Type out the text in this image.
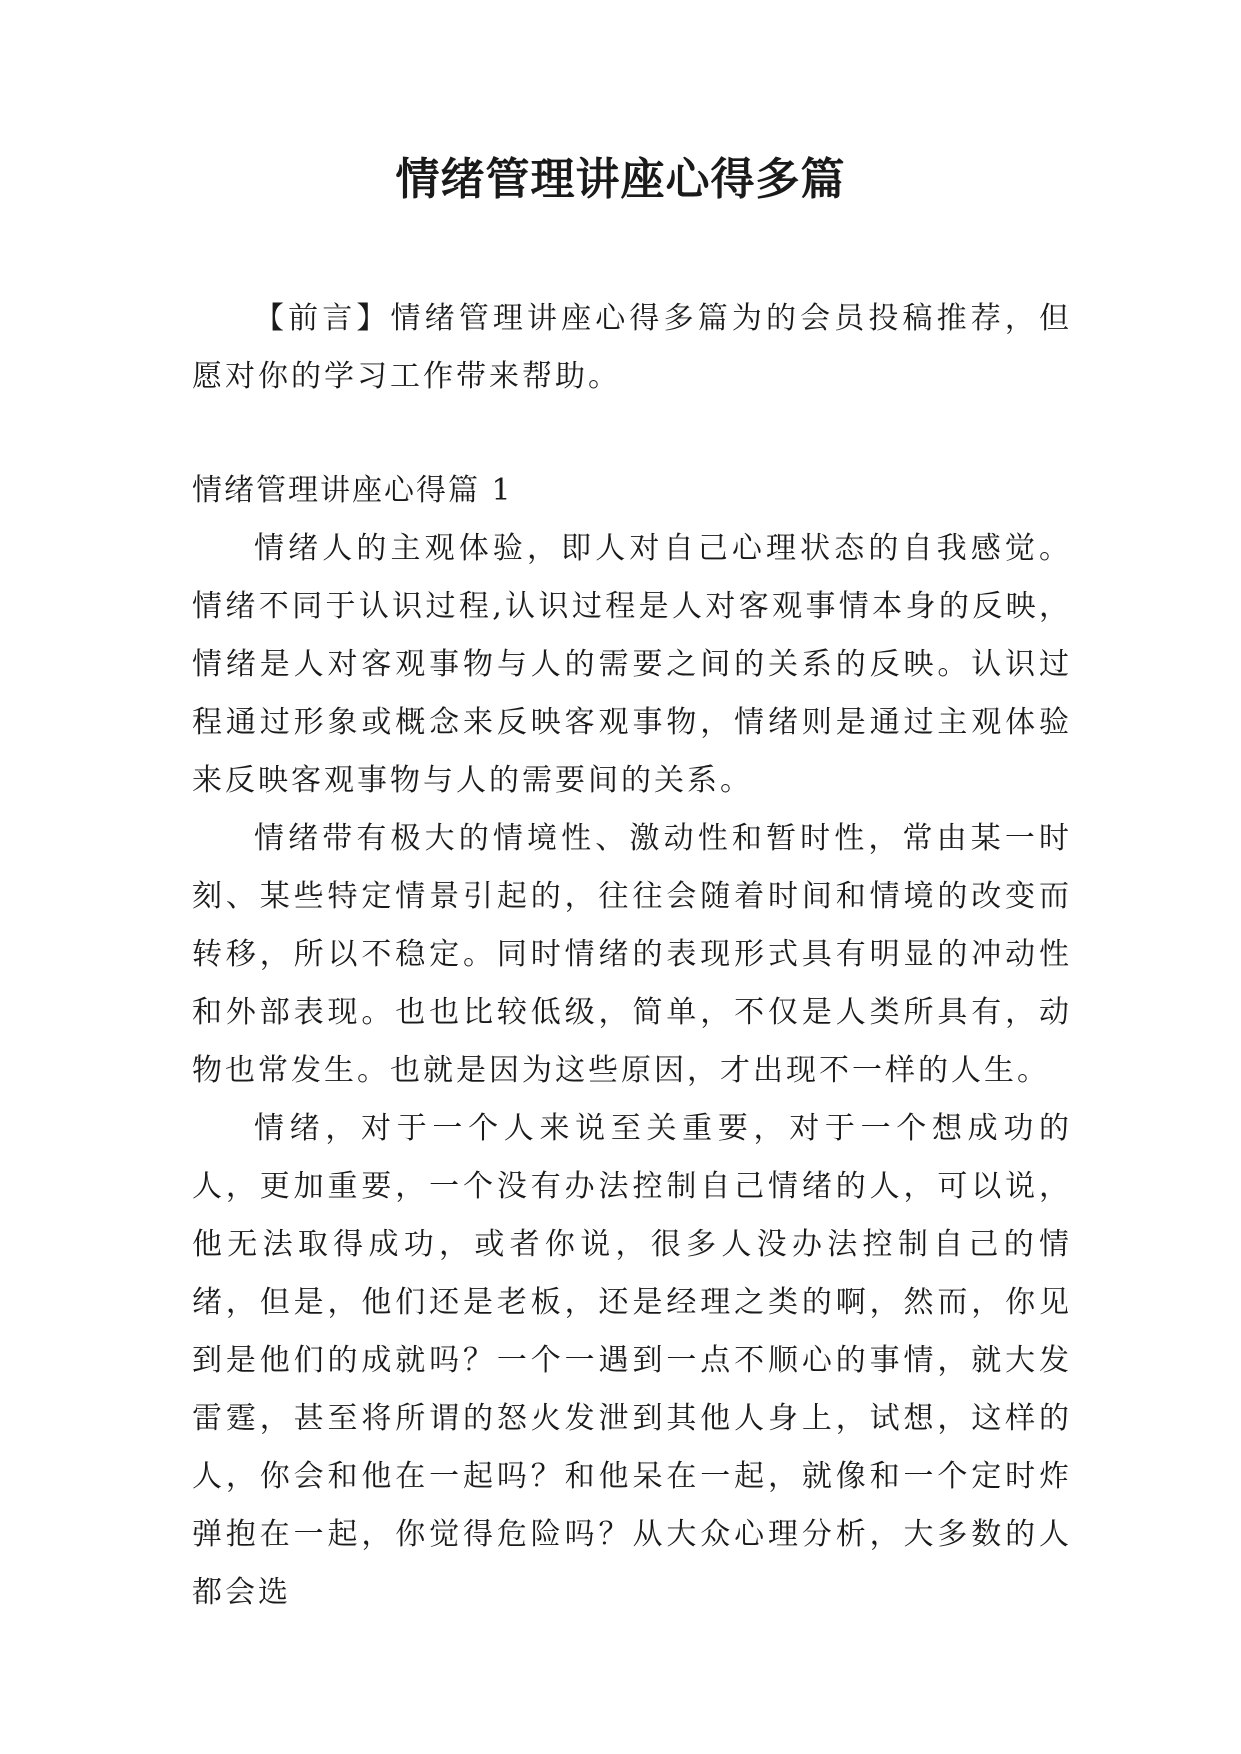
情绪管理讲座心得多篇

【前言】情绪管理讲座心得多篇为的会员投稿推荐，但愿对你的学习工作带来帮助。

情绪管理讲座心得篇 1

情绪人的主观体验，即人对自己心理状态的自我感觉。情绪不同于认识过程,认识过程是人对客观事情本身的反映，情绪是人对客观事物与人的需要之间的关系的反映。认识过程通过形象或概念来反映客观事物，情绪则是通过主观体验来反映客观事物与人的需要间的关系。

情绪带有极大的情境性、激动性和暂时性，常由某一时刻、某些特定情景引起的，往往会随着时间和情境的改变而转移，所以不稳定。同时情绪的表现形式具有明显的冲动性和外部表现。也也比较低级，简单，不仅是人类所具有，动物也常发生。也就是因为这些原因，才出现不一样的人生。

情绪，对于一个人来说至关重要，对于一个想成功的人，更加重要，一个没有办法控制自己情绪的人，可以说，他无法取得成功，或者你说，很多人没办法控制自己的情绪，但是，他们还是老板，还是经理之类的啊，然而，你见到是他们的成就吗？一个一遇到一点不顺心的事情，就大发雷霆，甚至将所谓的怒火发泄到其他人身上，试想，这样的人，你会和他在一起吗？和他呆在一起，就像和一个定时炸弹抱在一起，你觉得危险吗？从大众心理分析，大多数的人都会选
